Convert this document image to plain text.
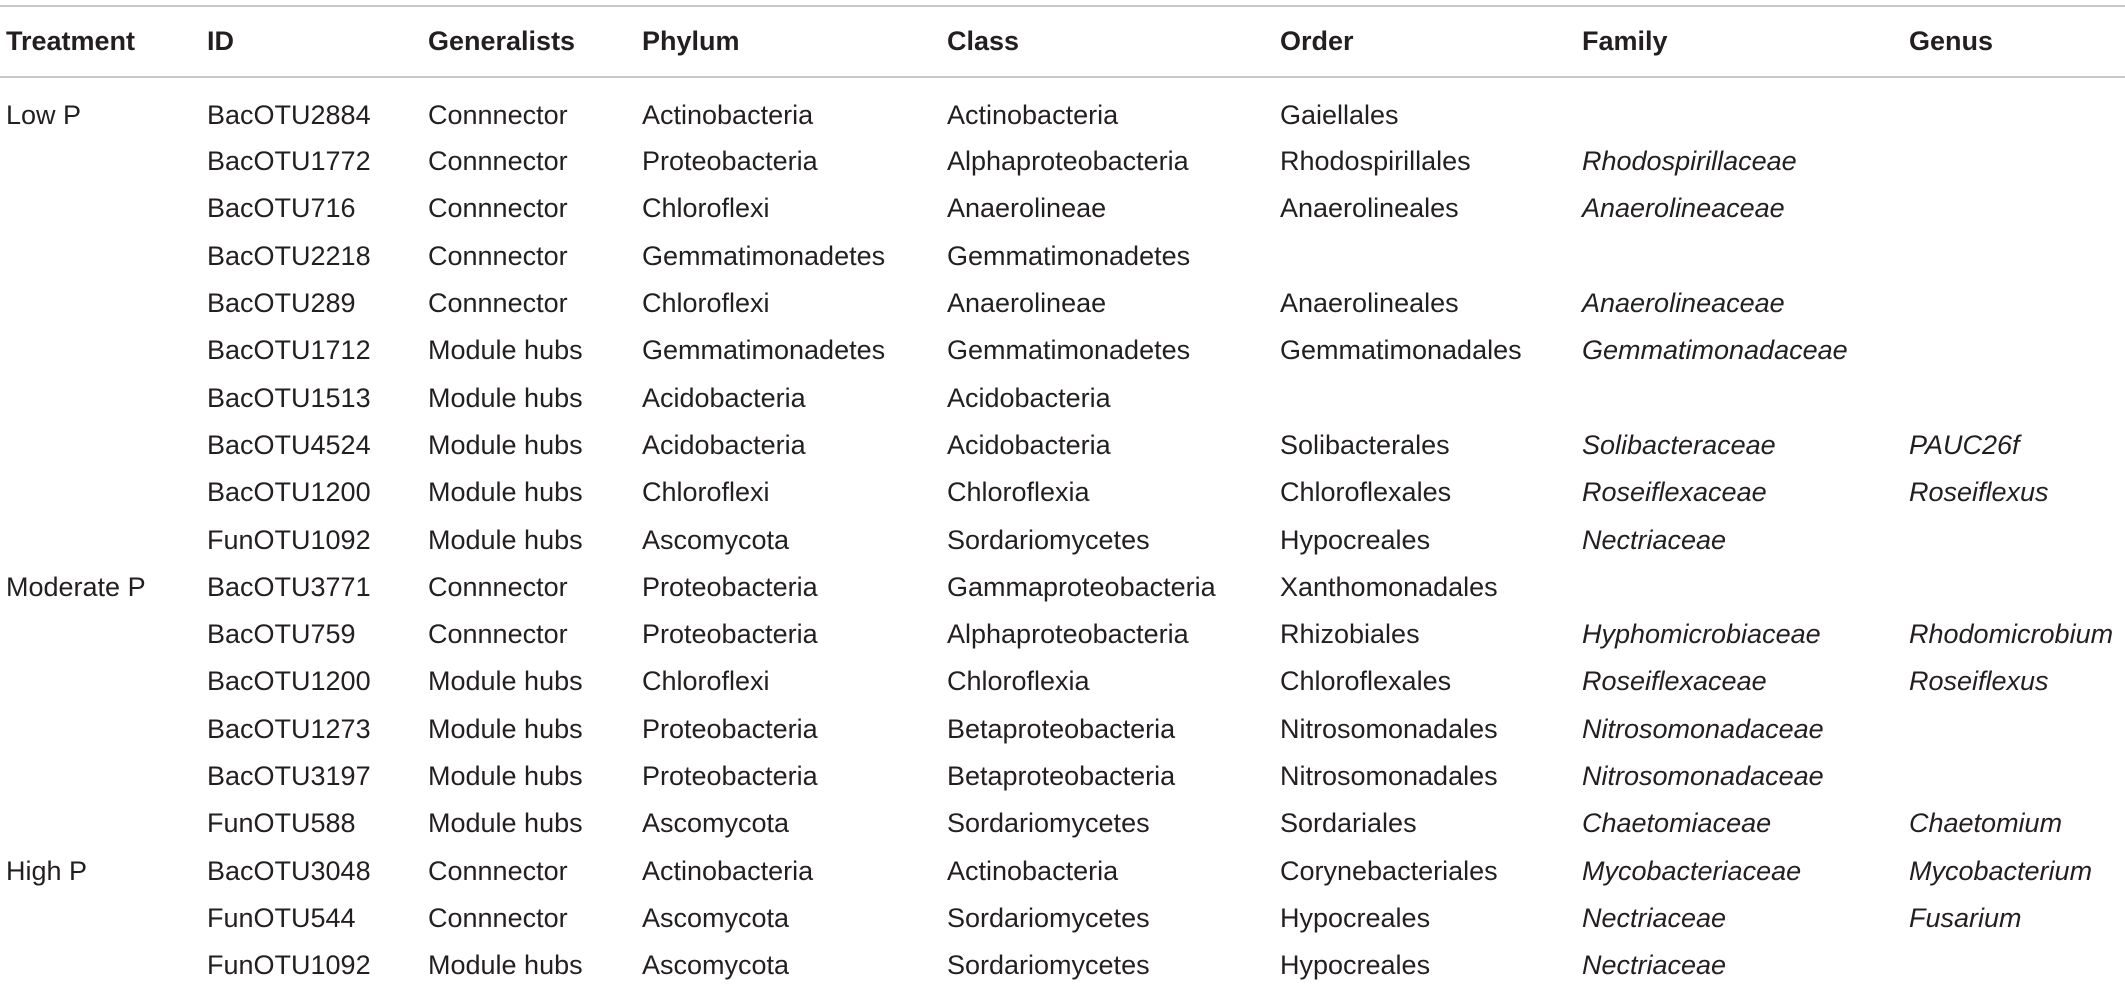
Treatment	ID	Generalists	Phylum	Class	Order	Family	Genus
Low P	BacOTU2884	Connnector	Actinobacteria	Actinobacteria	Gaiellales		
	BacOTU1772	Connnector	Proteobacteria	Alphaproteobacteria	Rhodospirillales	Rhodospirillaceae	
	BacOTU716	Connnector	Chloroflexi	Anaerolineae	Anaerolineales	Anaerolineaceae	
	BacOTU2218	Connnector	Gemmatimonadetes	Gemmatimonadetes			
	BacOTU289	Connnector	Chloroflexi	Anaerolineae	Anaerolineales	Anaerolineaceae	
	BacOTU1712	Module hubs	Gemmatimonadetes	Gemmatimonadetes	Gemmatimonadales	Gemmatimonadaceae	
	BacOTU1513	Module hubs	Acidobacteria	Acidobacteria			
	BacOTU4524	Module hubs	Acidobacteria	Acidobacteria	Solibacterales	Solibacteraceae	PAUC26f
	BacOTU1200	Module hubs	Chloroflexi	Chloroflexia	Chloroflexales	Roseiflexaceae	Roseiflexus
	FunOTU1092	Module hubs	Ascomycota	Sordariomycetes	Hypocreales	Nectriaceae	
Moderate P	BacOTU3771	Connnector	Proteobacteria	Gammaproteobacteria	Xanthomonadales		
	BacOTU759	Connnector	Proteobacteria	Alphaproteobacteria	Rhizobiales	Hyphomicrobiaceae	Rhodomicrobium
	BacOTU1200	Module hubs	Chloroflexi	Chloroflexia	Chloroflexales	Roseiflexaceae	Roseiflexus
	BacOTU1273	Module hubs	Proteobacteria	Betaproteobacteria	Nitrosomonadales	Nitrosomonadaceae	
	BacOTU3197	Module hubs	Proteobacteria	Betaproteobacteria	Nitrosomonadales	Nitrosomonadaceae	
	FunOTU588	Module hubs	Ascomycota	Sordariomycetes	Sordariales	Chaetomiaceae	Chaetomium
High P	BacOTU3048	Connnector	Actinobacteria	Actinobacteria	Corynebacteriales	Mycobacteriaceae	Mycobacterium
	FunOTU544	Connnector	Ascomycota	Sordariomycetes	Hypocreales	Nectriaceae	Fusarium
	FunOTU1092	Module hubs	Ascomycota	Sordariomycetes	Hypocreales	Nectriaceae	
